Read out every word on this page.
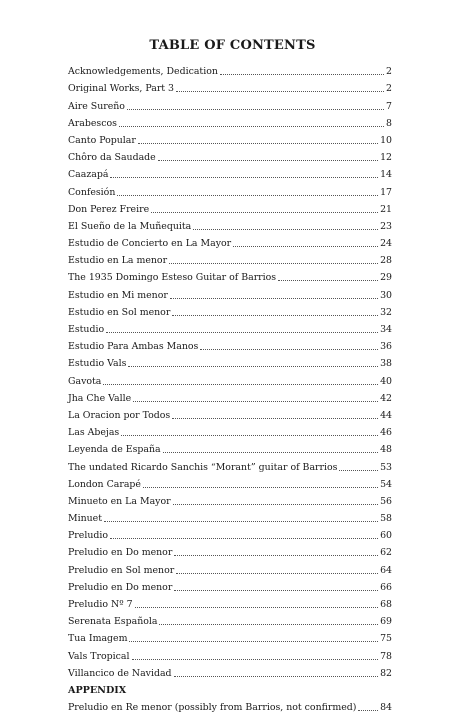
TABLE OF CONTENTS
Acknowledgements, Dedication	2
Original Works, Part 3	2
Aire Sureño	7
Arabescos	8
Canto Popular	10
Chôro da Saudade	12
Caazapá	14
Confesión	17
Don Perez Freire	21
El Sueño de la Muñequita	23
Estudio de Concierto en La Mayor	24
Estudio en La menor	28
The 1935 Domingo Esteso Guitar of Barrios	29
Estudio en Mi menor	30
Estudio en Sol menor	32
Estudio	34
Estudio Para Ambas Manos	36
Estudio Vals	38
Gavota	40
Jha Che Valle	42
La Oracion por Todos	44
Las Abejas	46
Leyenda de España	48
The undated Ricardo Sanchis “Morant” guitar of Barrios	53
London Carapé	54
Minueto en La Mayor	56
Minuet	58
Preludio	60
Preludio en Do menor	62
Preludio en Sol menor	64
Preludio en Do menor	66
Preludio Nº 7	68
Serenata Española	69
Tua Imagem	75
Vals Tropical	78
Villancico de Navidad	82
APPENDIX
Preludio en Re menor (possibly from Barrios, not confirmed)	84
